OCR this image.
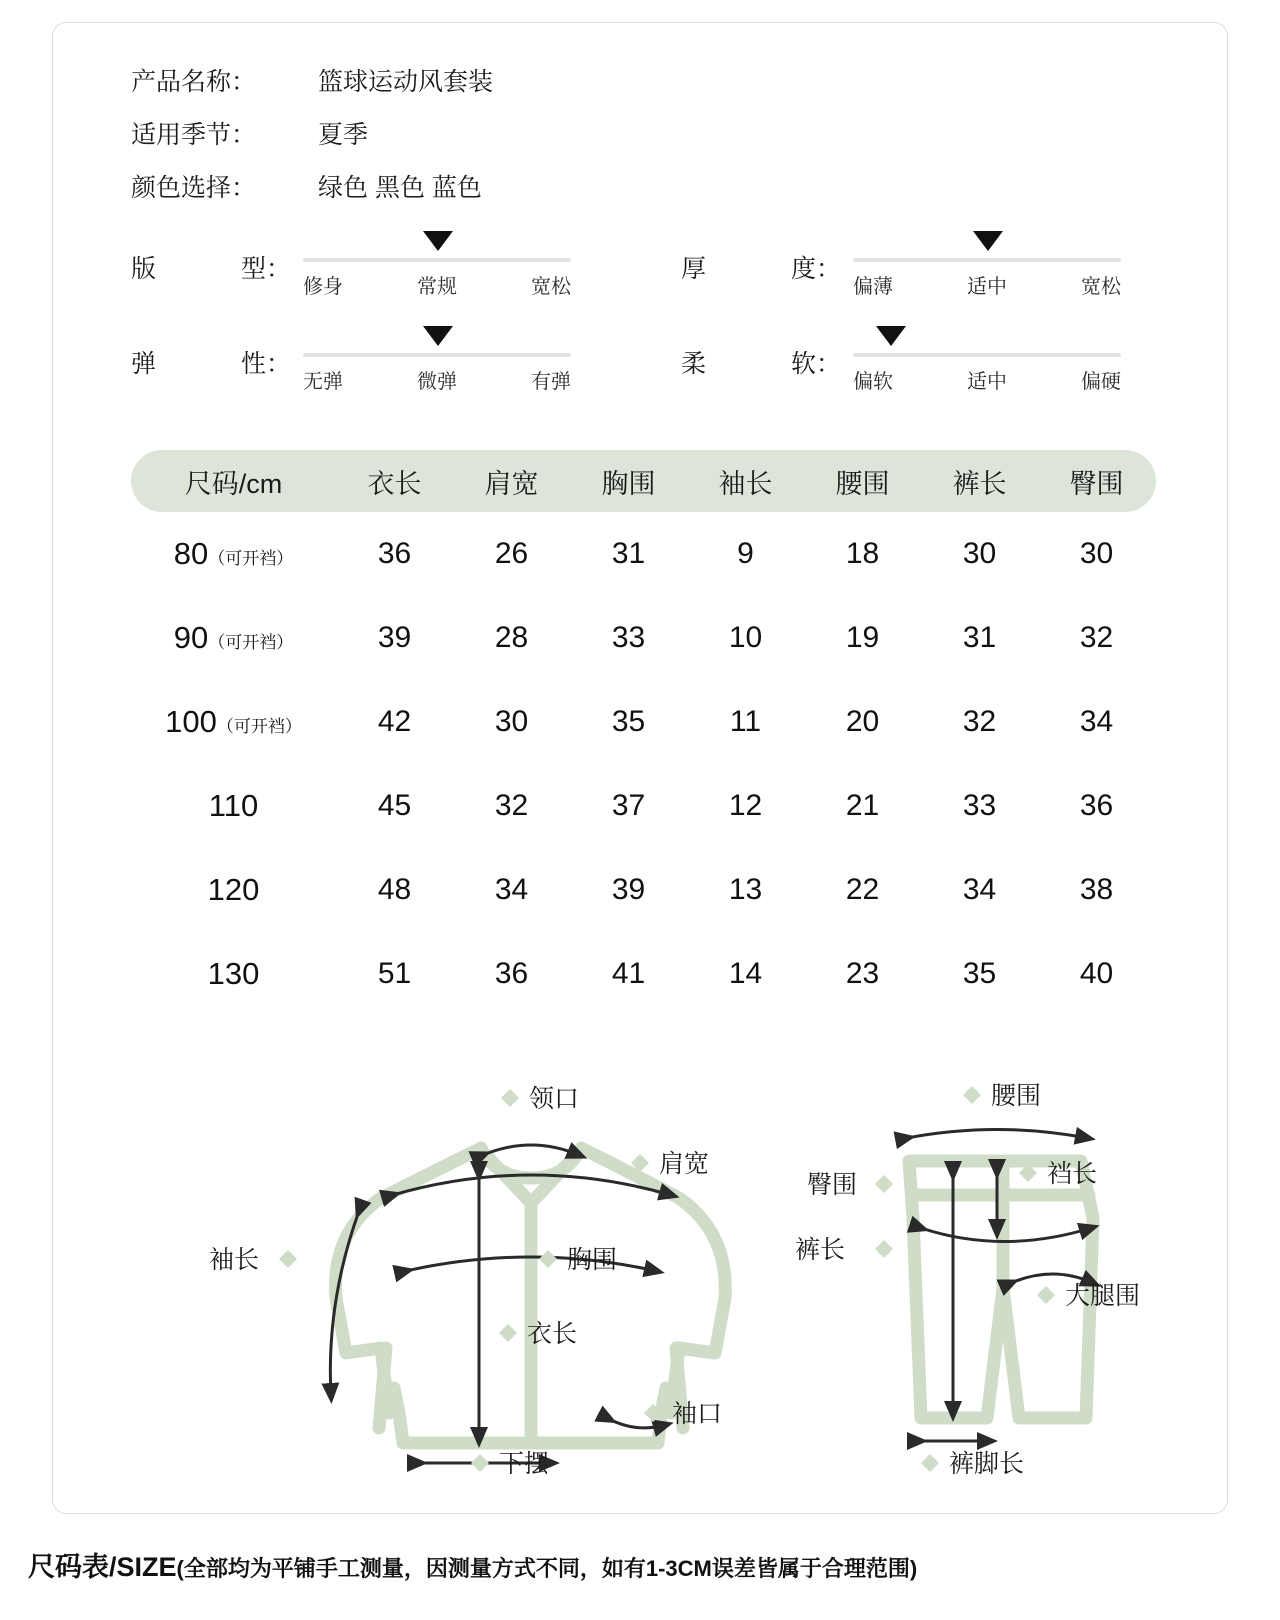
产品名称：	篮球运动风套装
适用季节：	夏季
颜色选择：	绿色 黑色 蓝色
版	型：
修身	常规	宽松
厚	度：
偏薄	适中	宽松
弹	性：
无弹	微弹	有弹
柔	软：
偏软	适中	偏硬
尺码/cm	衣长	肩宽	胸围	袖长	腰围	裤长	臀围
80（可开裆）	36	26	31	9	18	30	30
90（可开裆）	39	28	33	10	19	31	32
100（可开裆）	42	30	35	11	20	32	34
110	45	32	37	12	21	33	36
120	48	34	39	13	22	34	38
130	51	36	41	14	23	35	40
领口
肩宽
袖长	胸围
衣长
袖口
下摆
腰围
臀围	裆长
裤长
大腿围
裤脚长
尺码表/SIZE(全部均为平铺手工测量，因测量方式不同，如有1-3CM误差皆属于合理范围)
